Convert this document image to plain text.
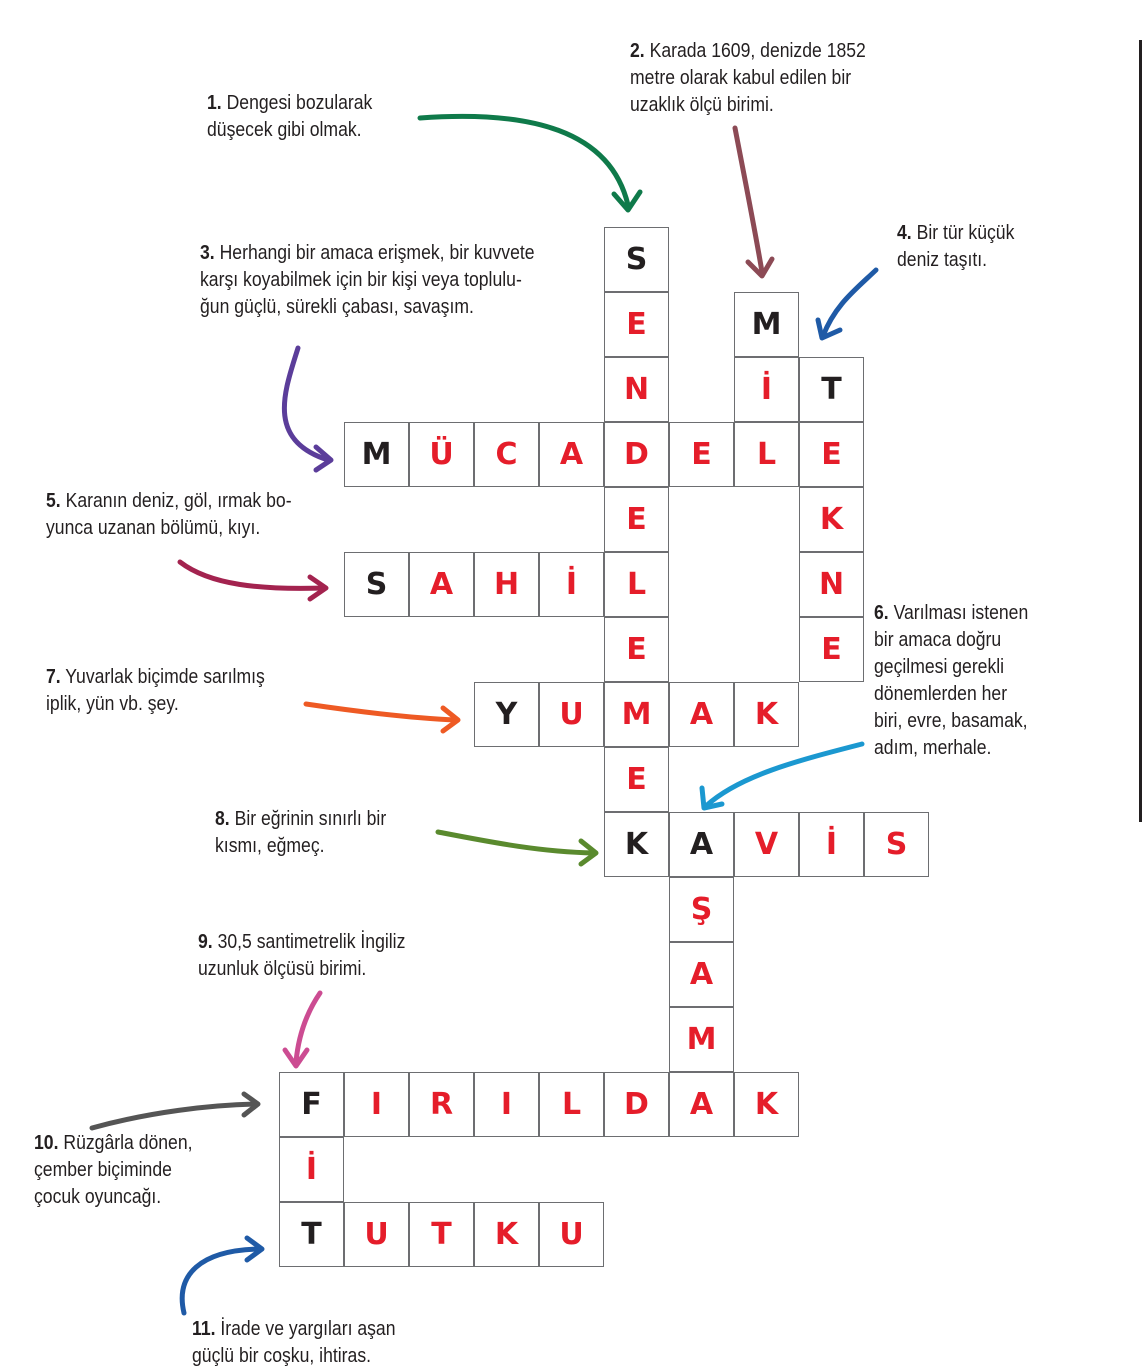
1. Dengesi bozularak
düşecek gibi olmak.
2. Karada 1609, denizde 1852
metre olarak kabul edilen bir
uzaklık ölçü birimi.
3. Herhangi bir amaca erişmek, bir kuvvete
karşı koyabilmek için bir kişi veya toplulu-
ğun güçlü, sürekli çabası, savaşım.
4. Bir tür küçük
deniz taşıtı.
5. Karanın deniz, göl, ırmak bo-
yunca uzanan bölümü, kıyı.
6. Varılması istenen
bir amaca doğru
geçilmesi gerekli
dönemlerden her
biri, evre, basamak,
adım, merhale.
7. Yuvarlak biçimde sarılmış
iplik, yün vb. şey.
8. Bir eğrinin sınırlı bir
kısmı, eğmeç.
9. 30,5 santimetrelik İngiliz
uzunluk ölçüsü birimi.
10. Rüzgârla dönen,
çember biçiminde
çocuk oyuncağı.
11. İrade ve yargıları aşan
güçlü bir coşku, ihtiras.
S
E
N
D
E
L
E
M
E
K
M
İ
L
M	Ü	C	A	E	E
T
K
N
E
S	A	H	İ
A
Ş
A
M
Y	U	A	K
V	İ	S
F
İ
T
I	R	I	L	D	A	K
U	T	K	U
